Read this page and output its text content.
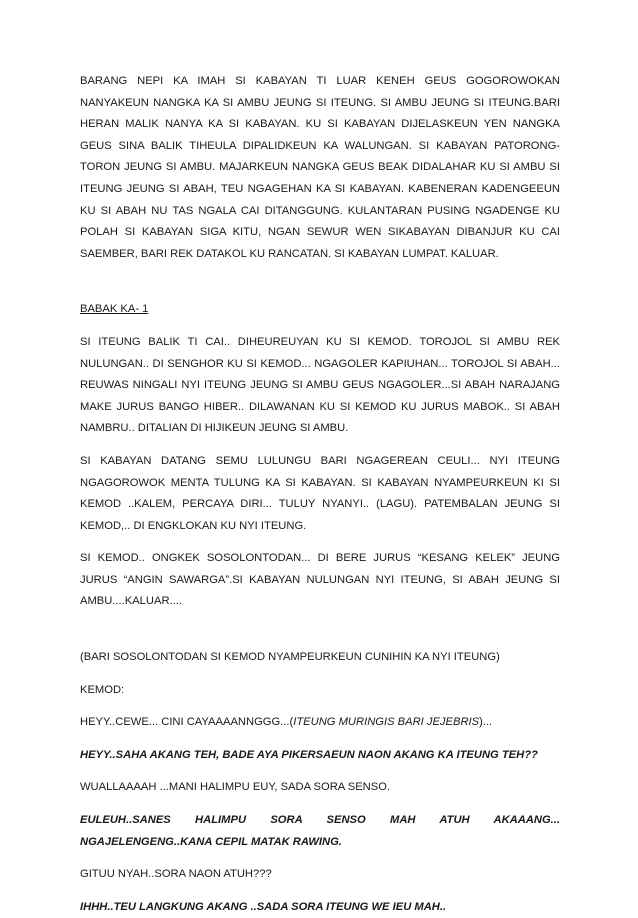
BARANG NEPI KA IMAH SI KABAYAN TI LUAR KENEH GEUS GOGOROWOKAN NANYAKEUN NANGKA KA SI AMBU JEUNG SI ITEUNG. SI AMBU JEUNG SI ITEUNG.BARI HERAN MALIK NANYA KA SI KABAYAN. KU SI KABAYAN DIJELASKEUN YEN NANGKA GEUS SINA BALIK TIHEULA DIPALIDKEUN KA WALUNGAN. SI KABAYAN PATORONG-TORON JEUNG SI AMBU. MAJARKEUN NANGKA GEUS BEAK DIDALAHAR KU SI AMBU SI ITEUNG JEUNG SI ABAH, TEU NGAGEHAN KA SI KABAYAN. KABENERAN KADENGEEUN KU SI ABAH NU TAS NGALA CAI DITANGGUNG. KULANTARAN PUSING NGADENGE KU POLAH SI KABAYAN SIGA KITU, NGAN SEWUR WEN SIKABAYAN DIBANJUR KU CAI SAEMBER, BARI REK DATAKOL KU RANCATAN. SI KABAYAN LUMPAT. KALUAR.

BABAK KA- 1

SI ITEUNG BALIK TI CAI.. DIHEUREUYAN KU SI KEMOD. TOROJOL SI AMBU REK NULUNGAN.. DI SENGHOR KU SI KEMOD... NGAGOLER KAPIUHAN... TOROJOL SI ABAH... REUWAS NINGALI NYI ITEUNG JEUNG SI AMBU GEUS NGAGOLER...SI ABAH NARAJANG MAKE JURUS BANGO HIBER.. DILAWANAN KU SI KEMOD KU JURUS MABOK.. SI ABAH NAMBRU.. DITALIAN DI HIJIKEUN JEUNG SI AMBU.

SI KABAYAN DATANG SEMU LULUNGU BARI NGAGEREAN CEULI... NYI ITEUNG NGAGOROWOK MENTA TULUNG KA SI KABAYAN. SI KABAYAN NYAMPEURKEUN KI SI KEMOD ..KALEM, PERCAYA DIRI... TULUY NYANYI.. (LAGU). PATEMBALAN JEUNG SI KEMOD,.. DI ENGKLOKAN KU NYI ITEUNG.

SI KEMOD.. ONGKEK SOSOLONTODAN... DI BERE JURUS “KESANG KELEK” JEUNG JURUS “ANGIN SAWARGA”.SI KABAYAN NULUNGAN NYI ITEUNG, SI ABAH JEUNG SI AMBU....KALUAR....

(BARI SOSOLONTODAN SI KEMOD NYAMPEURKEUN CUNIHIN KA NYI ITEUNG)

KEMOD:

HEYY..CEWE... CINI CAYAAAANNGGG...(ITEUNG MURINGIS BARI JEJEBRIS)...

HEYY..SAHA AKANG TEH, BADE AYA PIKERSAEUN NAON AKANG KA ITEUNG TEH??

WUALLAAAAH ...MANI HALIMPU EUY, SADA SORA SENSO.

EULEUH..SANES HALIMPU SORA SENSO MAH ATUH AKAAANG... NGAJELENGENG..KANA CEPIL MATAK RAWING.

GITUU NYAH..SORA NAON ATUH???

IHHH..TEU LANGKUNG AKANG ..SADA SORA ITEUNG WE IEU MAH..
